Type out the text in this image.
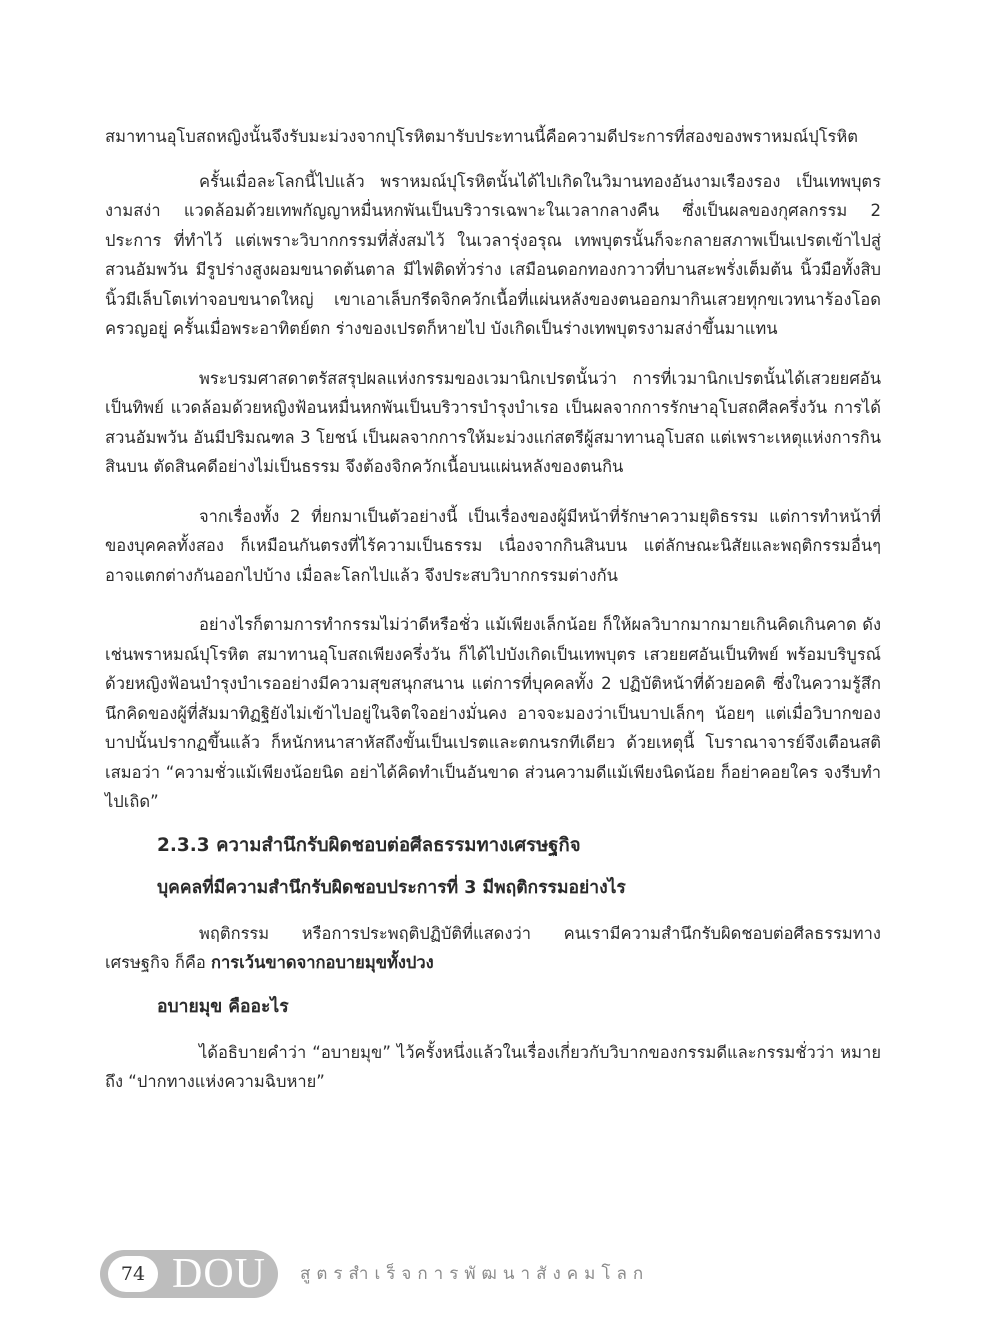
สมาทานอุโบสถหญิงนั้นจึงรับมะม่วงจากปุโรหิตมารับประทานนี้คือความดีประการที่สองของพราหมณ์ปุโรหิต

ครั้นเมื่อละโลกนี้ไปแล้ว พราหมณ์ปุโรหิตนั้นได้ไปเกิดในวิมานทองอันงามเรืองรอง เป็นเทพบุตรงามสง่า แวดล้อมด้วยเทพกัญญาหมื่นหกพันเป็นบริวารเฉพาะในเวลากลางคืน ซึ่งเป็นผลของกุศลกรรม 2 ประการ ที่ทำไว้ แต่เพราะวิบากกรรมที่สั่งสมไว้ ในเวลารุ่งอรุณ เทพบุตรนั้นก็จะกลายสภาพเป็นเปรตเข้าไปสู่สวนอัมพวัน มีรูปร่างสูงผอมขนาดต้นตาล มีไฟติดทั่วร่าง เสมือนดอกทองกวาวที่บานสะพรั่งเต็มต้น นิ้วมือทั้งสิบนิ้วมีเล็บโตเท่าจอบขนาดใหญ่ เขาเอาเล็บกรีดจิกควักเนื้อที่แผ่นหลังของตนออกมากินเสวยทุกขเวทนาร้องโอดครวญอยู่ ครั้นเมื่อพระอาทิตย์ตก ร่างของเปรตก็หายไป บังเกิดเป็นร่างเทพบุตรงามสง่าขึ้นมาแทน

พระบรมศาสดาตรัสสรุปผลแห่งกรรมของเวมานิกเปรตนั้นว่า การที่เวมานิกเปรตนั้นได้เสวยยศอันเป็นทิพย์ แวดล้อมด้วยหญิงฟ้อนหมื่นหกพันเป็นบริวารบำรุงบำเรอ เป็นผลจากการรักษาอุโบสถศีลครึ่งวัน การได้สวนอัมพวัน อันมีปริมณฑล 3 โยชน์ เป็นผลจากการให้มะม่วงแก่สตรีผู้สมาทานอุโบสถ แต่เพราะเหตุแห่งการกินสินบน ตัดสินคดีอย่างไม่เป็นธรรม จึงต้องจิกควักเนื้อบนแผ่นหลังของตนกิน

จากเรื่องทั้ง 2 ที่ยกมาเป็นตัวอย่างนี้ เป็นเรื่องของผู้มีหน้าที่รักษาความยุติธรรม แต่การทำหน้าที่ของบุคคลทั้งสอง ก็เหมือนกันตรงที่ไร้ความเป็นธรรม เนื่องจากกินสินบน แต่ลักษณะนิสัยและพฤติกรรมอื่นๆ อาจแตกต่างกันออกไปบ้าง เมื่อละโลกไปแล้ว จึงประสบวิบากกรรมต่างกัน

อย่างไรก็ตามการทำกรรมไม่ว่าดีหรือชั่ว แม้เพียงเล็กน้อย ก็ให้ผลวิบากมากมายเกินคิดเกินคาด ดังเช่นพราหมณ์ปุโรหิต สมาทานอุโบสถเพียงครึ่งวัน ก็ได้ไปบังเกิดเป็นเทพบุตร เสวยยศอันเป็นทิพย์ พร้อมบริบูรณ์ด้วยหญิงฟ้อนบำรุงบำเรออย่างมีความสุขสนุกสนาน แต่การที่บุคคลทั้ง 2 ปฏิบัติหน้าที่ด้วยอคติ ซึ่งในความรู้สึกนึกคิดของผู้ที่สัมมาทิฏฐิยังไม่เข้าไปอยู่ในจิตใจอย่างมั่นคง อาจจะมองว่าเป็นบาปเล็กๆ น้อยๆ แต่เมื่อวิบากของบาปนั้นปรากฏขึ้นแล้ว ก็หนักหนาสาหัสถึงขั้นเป็นเปรตและตกนรกทีเดียว ด้วยเหตุนี้ โบราณาจารย์จึงเตือนสติเสมอว่า “ความชั่วแม้เพียงน้อยนิด อย่าได้คิดทำเป็นอันขาด ส่วนความดีแม้เพียงนิดน้อย ก็อย่าคอยใคร จงรีบทำไปเถิด”

2.3.3 ความสำนึกรับผิดชอบต่อศีลธรรมทางเศรษฐกิจ

บุคคลที่มีความสำนึกรับผิดชอบประการที่ 3 มีพฤติกรรมอย่างไร

พฤติกรรม หรือการประพฤติปฏิบัติที่แสดงว่า คนเรามีความสำนึกรับผิดชอบต่อศีลธรรมทางเศรษฐกิจ ก็คือ การเว้นขาดจากอบายมุขทั้งปวง

อบายมุข คืออะไร

ได้อธิบายคำว่า “อบายมุข” ไว้ครั้งหนึ่งแล้วในเรื่องเกี่ยวกับวิบากของกรรมดีและกรรมชั่วว่า หมายถึง “ปากทางแห่งความฉิบหาย”

74 DOU สูตรสำเร็จการพัฒนาสังคมโลก
